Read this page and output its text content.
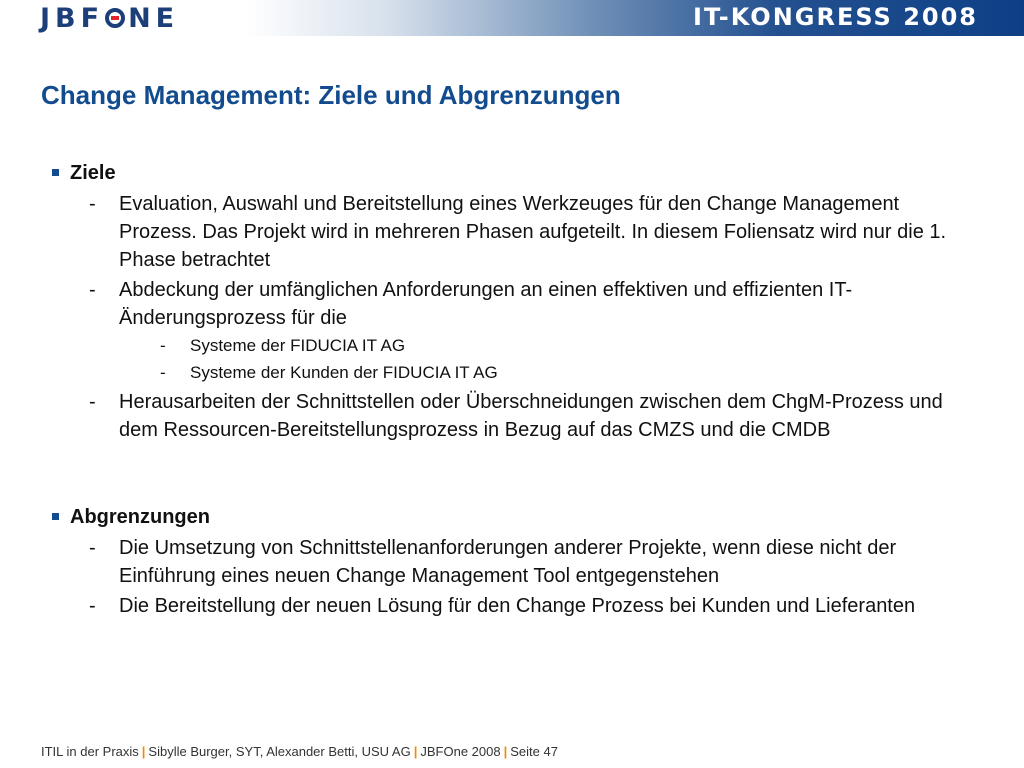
JBF NE	IT-KONGRESS 2008
Change Management: Ziele und Abgrenzungen
Ziele
- Evaluation, Auswahl und Bereitstellung eines Werkzeuges für den Change Management Prozess. Das Projekt wird in mehreren Phasen aufgeteilt. In diesem Foliensatz wird nur die 1. Phase betrachtet
- Abdeckung der umfänglichen Anforderungen an einen effektiven und effizienten IT-Änderungsprozess für die
- Systeme der FIDUCIA IT AG
- Systeme der Kunden der FIDUCIA IT AG
- Herausarbeiten der Schnittstellen oder Überschneidungen zwischen dem ChgM-Prozess und dem Ressourcen-Bereitstellungsprozess in Bezug auf das CMZS und die CMDB
Abgrenzungen
- Die Umsetzung von Schnittstellenanforderungen anderer Projekte, wenn diese nicht der Einführung eines neuen Change Management Tool entgegenstehen
- Die Bereitstellung der neuen Lösung für den Change Prozess bei Kunden und Lieferanten
ITIL in der Praxis | Sibylle Burger, SYT, Alexander Betti, USU AG | JBFOne 2008 | Seite 47
